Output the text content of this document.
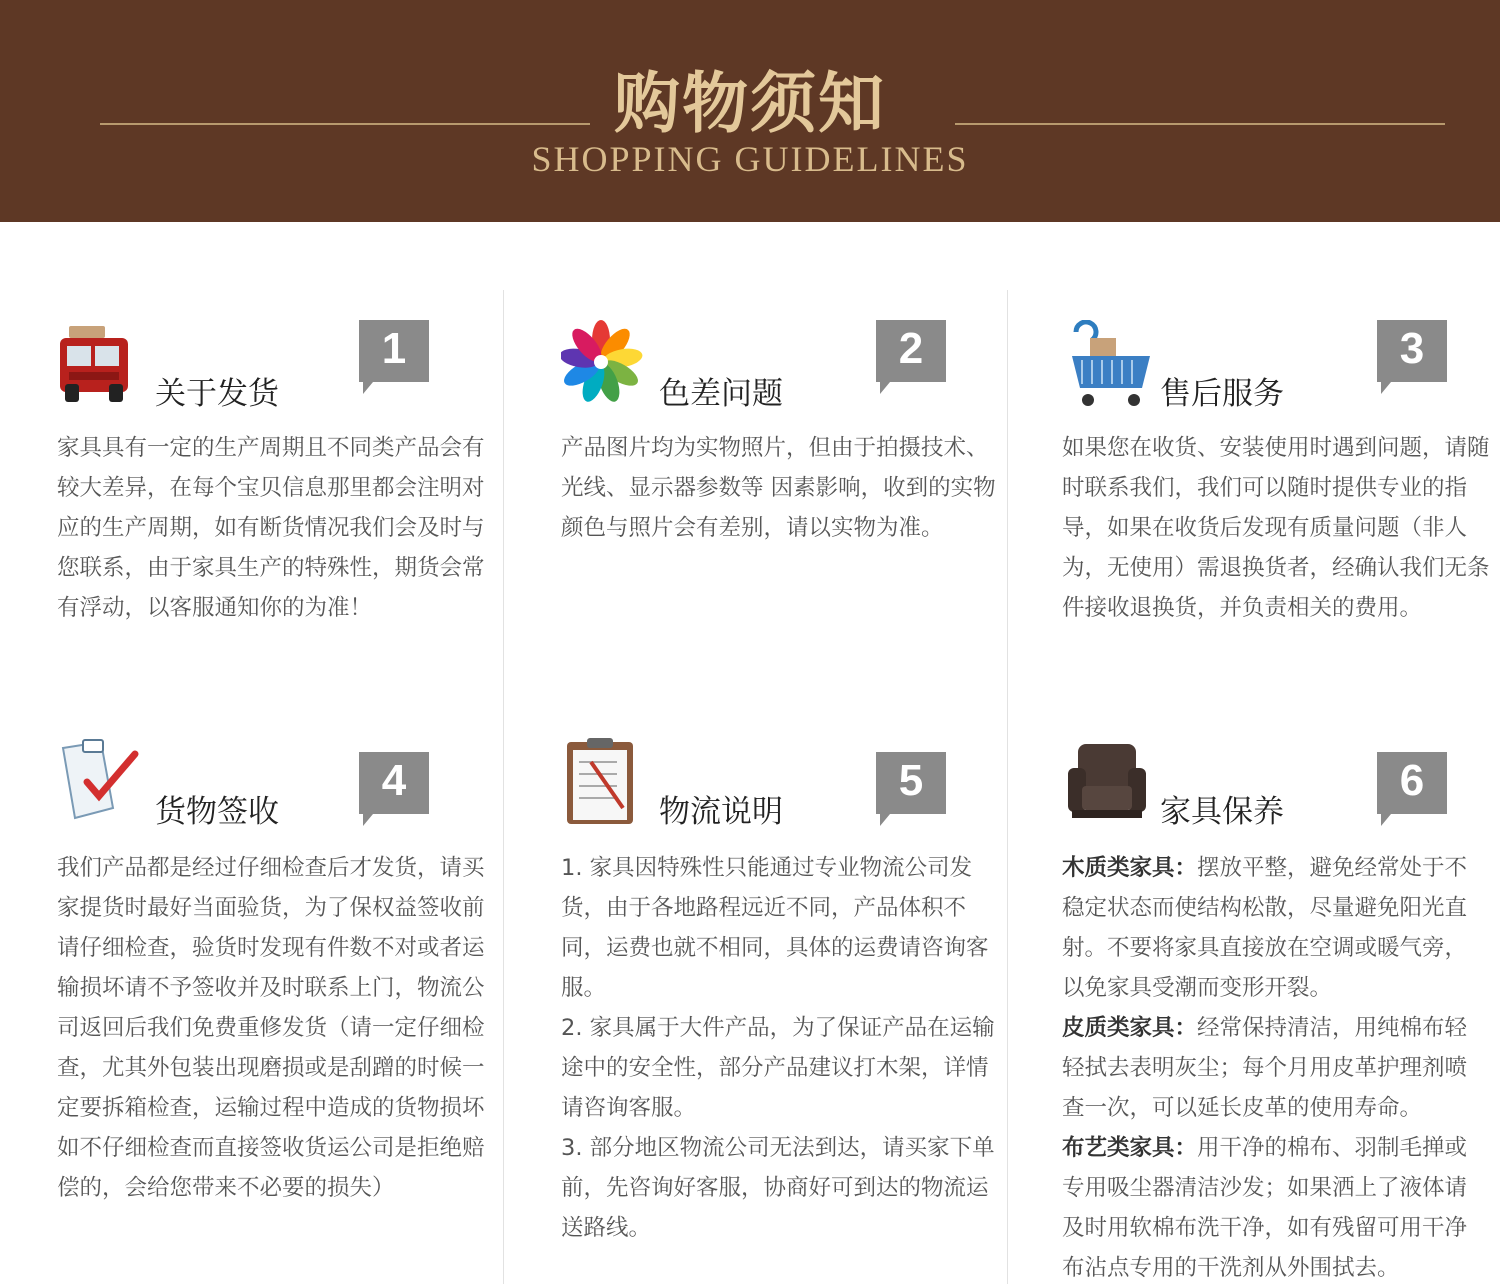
购物须知
SHOPPING GUIDELINES
关于发货
1
家具具有一定的生产周期且不同类产品会有较大差异，在每个宝贝信息那里都会注明对应的生产周期，如有断货情况我们会及时与您联系，由于家具生产的特殊性，期货会常有浮动，以客服通知你的为准！
色差问题
2
产品图片均为实物照片，但由于拍摄技术、光线、显示器参数等 因素影响，收到的实物颜色与照片会有差别，请以实物为准。
售后服务
3
如果您在收货、安装使用时遇到问题，请随时联系我们，我们可以随时提供专业的指导，如果在收货后发现有质量问题（非人为，无使用）需退换货者，经确认我们无条件接收退换货，并负责相关的费用。
货物签收
4
我们产品都是经过仔细检查后才发货，请买家提货时最好当面验货，为了保权益签收前请仔细检查，验货时发现有件数不对或者运输损坏请不予签收并及时联系上门，物流公司返回后我们免费重修发货（请一定仔细检查，尤其外包装出现磨损或是刮蹭的时候一定要拆箱检查，运输过程中造成的货物损坏如不仔细检查而直接签收货运公司是拒绝赔偿的，会给您带来不必要的损失）
物流说明
5

1. 家具因特殊性只能通过专业物流公司发货，由于各地路程远近不同，产品体积不同，运费也就不相同，具体的运费请咨询客服。

2. 家具属于大件产品，为了保证产品在运输途中的安全性，部分产品建议打木架，详情请咨询客服。

3. 部分地区物流公司无法到达，请买家下单前，先咨询好客服，协商好可到达的物流运送路线。

家具保养
6

木质类家具：摆放平整，避免经常处于不稳定状态而使结构松散，尽量避免阳光直射。不要将家具直接放在空调或暖气旁，以免家具受潮而变形开裂。

皮质类家具：经常保持清洁，用纯棉布轻轻拭去表明灰尘；每个月用皮革护理剂喷查一次，可以延长皮革的使用寿命。

布艺类家具：用干净的棉布、羽制毛掸或专用吸尘器清洁沙发；如果洒上了液体请及时用软棉布洗干净，如有残留可用干净布沾点专用的干洗剂从外围拭去。
